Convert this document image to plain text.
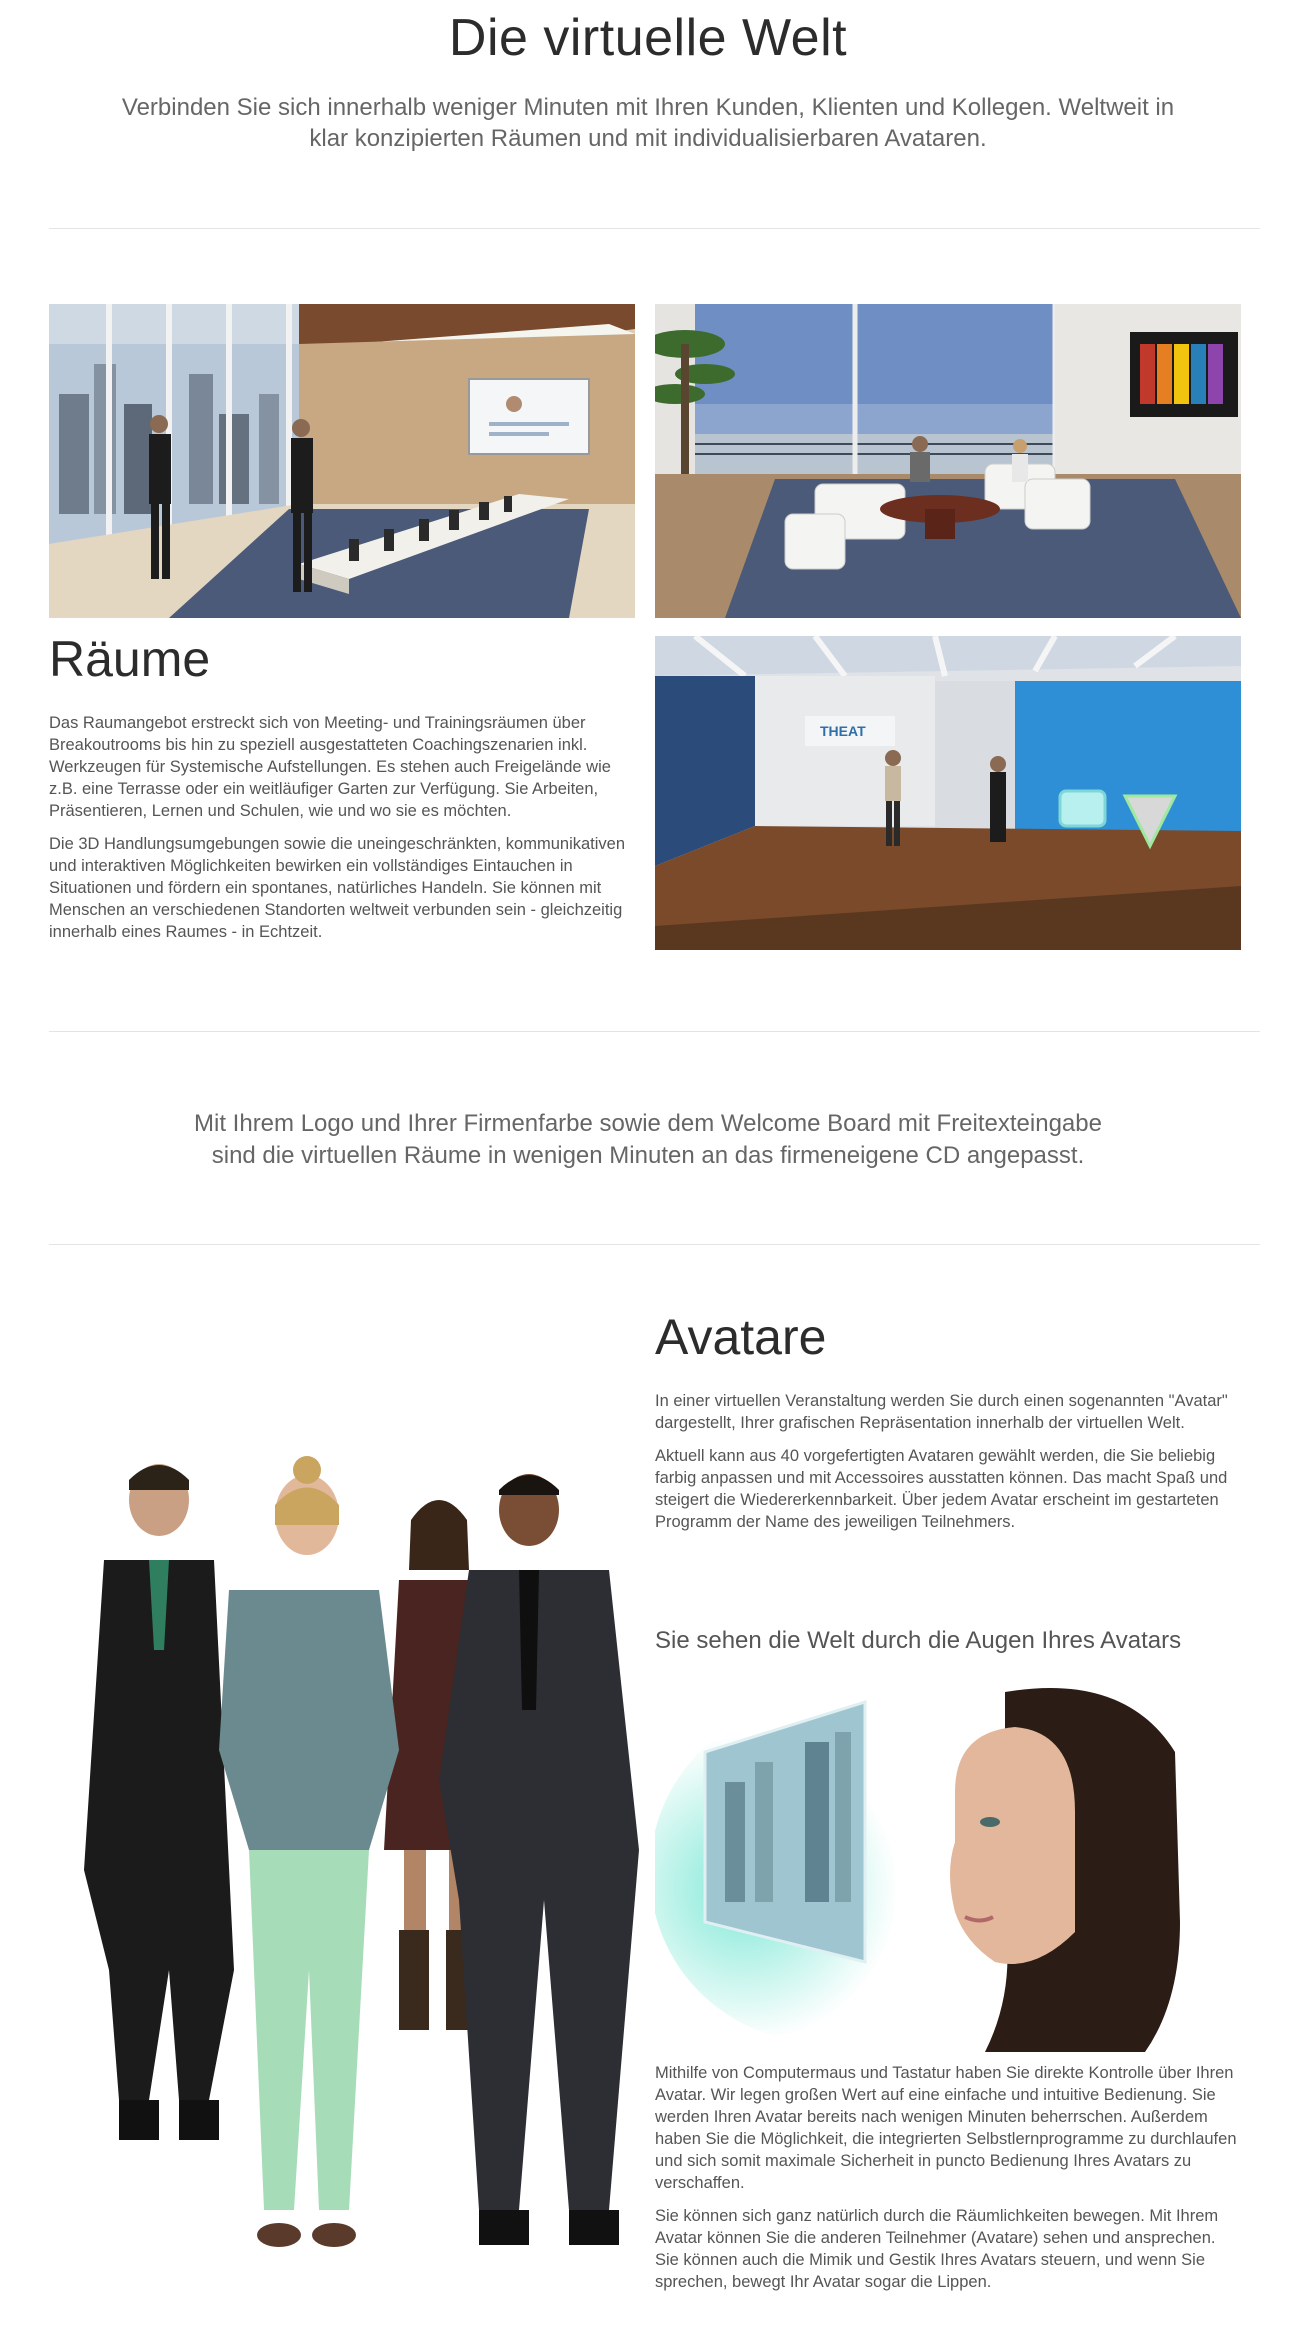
Die virtuelle Welt
Verbinden Sie sich innerhalb weniger Minuten mit Ihren Kunden, Klienten und Kollegen. Weltweit in klar konzipierten Räumen und mit individualisierbaren Avataren.
Räume

Das Raumangebot erstreckt sich von Meeting- und Trainingsräumen über Breakoutrooms bis hin zu speziell ausgestatteten Coachingszenarien inkl. Werkzeugen für Systemische Aufstellungen. Es stehen auch Freigelände wie z.B. eine Terrasse oder ein weitläufiger Garten zur Verfügung. Sie Arbeiten, Präsentieren, Lernen und Schulen, wie und wo sie es möchten.

Die 3D Handlungsumgebungen sowie die uneingeschränkten, kommunikativen und interaktiven Möglichkeiten bewirken ein vollständiges Eintauchen in Situationen und fördern ein spontanes, natürliches Handeln. Sie können mit Menschen an verschiedenen Standorten weltweit verbunden sein - gleichzeitig innerhalb eines Raumes - in Echtzeit.

THEAT
Mit Ihrem Logo und Ihrer Firmenfarbe sowie dem Welcome Board mit Freitexteingabe sind die virtuellen Räume in wenigen Minuten an das firmeneigene CD angepasst.
Avatare

In einer virtuellen Veranstaltung werden Sie durch einen sogenannten "Avatar" dargestellt, Ihrer grafischen Repräsentation innerhalb der virtuellen Welt.

Aktuell kann aus 40 vorgefertigten Avataren gewählt werden, die Sie beliebig farbig anpassen und mit Accessoires ausstatten können. Das macht Spaß und steigert die Wiedererkennbarkeit. Über jedem Avatar erscheint im gestarteten Programm der Name des jeweiligen Teilnehmers.

Sie sehen die Welt durch die Augen Ihres Avatars

Mithilfe von Computermaus und Tastatur haben Sie direkte Kontrolle über Ihren Avatar. Wir legen großen Wert auf eine einfache und intuitive Bedienung. Sie werden Ihren Avatar bereits nach wenigen Minuten beherrschen. Außerdem haben Sie die Möglichkeit, die integrierten Selbstlernprogramme zu durchlaufen und sich somit maximale Sicherheit in puncto Bedienung Ihres Avatars zu verschaffen.

Sie können sich ganz natürlich durch die Räumlichkeiten bewegen. Mit Ihrem Avatar können Sie die anderen Teilnehmer (Avatare) sehen und ansprechen. Sie können auch die Mimik und Gestik Ihres Avatars steuern, und wenn Sie sprechen, bewegt Ihr Avatar sogar die Lippen.
